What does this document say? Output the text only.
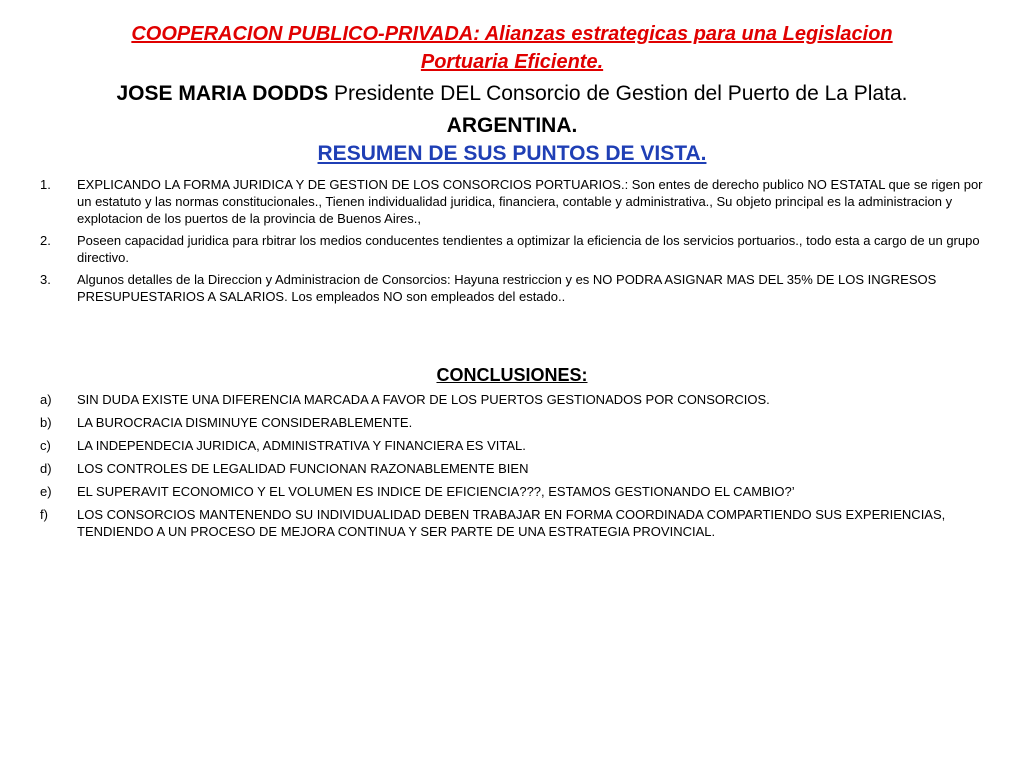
COOPERACION PUBLICO-PRIVADA: Alianzas estrategicas para una Legislacion
Portuaria Eficiente.
JOSE MARIA DODDS Presidente DEL Consorcio de Gestion del Puerto de La Plata.
ARGENTINA.
RESUMEN DE SUS PUNTOS DE VISTA.
1. EXPLICANDO LA FORMA JURIDICA Y DE GESTION DE LOS CONSORCIOS PORTUARIOS.: Son entes de derecho publico NO ESTATAL que se rigen por un estatuto y las normas constitucionales., Tienen individualidad juridica, financiera, contable y administrativa., Su objeto principal es la administracion y explotacion de los puertos de la provincia de Buenos Aires.,
2. Poseen capacidad juridica para rbitrar los medios conducentes tendientes a optimizar la eficiencia de los servicios portuarios., todo esta a cargo de un grupo directivo.
3. Algunos detalles de la Direccion y Administracion de Consorcios: Hayuna restriccion y es NO PODRA ASIGNAR MAS DEL 35% DE LOS INGRESOS PRESUPUESTARIOS A SALARIOS. Los empleados NO son empleados del estado..
CONCLUSIONES:
a) SIN DUDA EXISTE UNA DIFERENCIA MARCADA A FAVOR DE LOS PUERTOS GESTIONADOS POR CONSORCIOS.
b) LA BUROCRACIA DISMINUYE CONSIDERABLEMENTE.
c) LA INDEPENDECIA JURIDICA, ADMINISTRATIVA Y FINANCIERA ES VITAL.
d) LOS CONTROLES DE LEGALIDAD FUNCIONAN RAZONABLEMENTE BIEN
e) EL SUPERAVIT ECONOMICO Y EL VOLUMEN ES INDICE DE EFICIENCIA???, ESTAMOS GESTIONANDO EL CAMBIO?’
f) LOS CONSORCIOS MANTENENDO SU INDIVIDUALIDAD DEBEN TRABAJAR EN FORMA COORDINADA COMPARTIENDO SUS EXPERIENCIAS, TENDIENDO A UN PROCESO DE MEJORA CONTINUA Y SER PARTE DE UNA ESTRATEGIA PROVINCIAL.
